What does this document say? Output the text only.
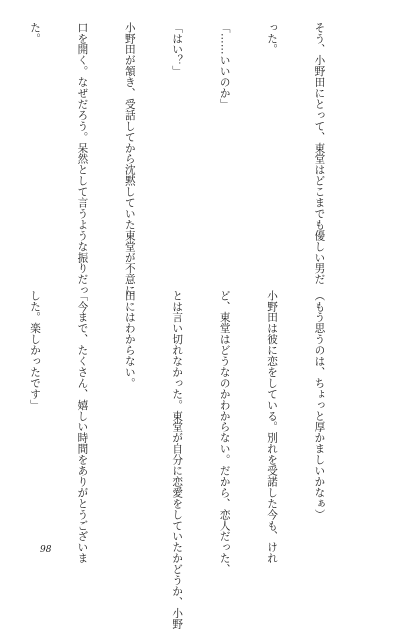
そう、小野田にとって、東堂はどこまでも優しい男だ

った。

「……いいのか」

「はい？」

小野田が頷き、受話してから沈黙していた東堂が不意に

口を開く。なぜだろう。呆然として言うような振りだっ

た。

（もう思うのは、ちょっと厚かましいかなぁ）

小野田は彼に恋をしている。別れを受諾した今も、けれ

ど、東堂はどうなのかわからない。だから、恋人だった、

とは言い切れなかった。東堂が自分に恋愛をしていたかどうか、小野

田にはわからない。

「今まで、たくさん、嬉しい時間をありがとうございま

した。楽しかったです」

98
